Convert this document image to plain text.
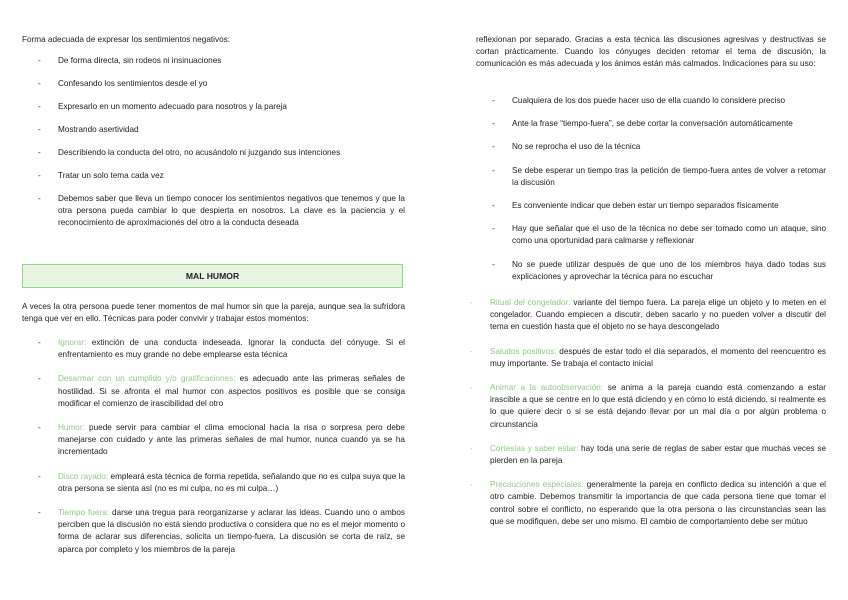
Forma adecuada de expresar los sentimientos negativos:

- De forma directa, sin rodeos ni insinuaciones
- Confesando los sentimientos desde el yo
- Expresarlo en un momento adecuado para nosotros y la pareja
- Mostrando asertividad
- Describiendo la conducta del otro, no acusándolo ni juzgando sus intenciones
- Tratar un solo tema cada vez
- Debemos saber que lleva un tiempo conocer los sentimientos negativos que tenemos y que la otra persona pueda cambiar lo que despierta en nosotros. La clave es la paciencia y el reconocimiento de aproximaciones del otro a la conducta deseada
MAL HUMOR

A veces la otra persona puede tener momentos de mal humor sin que la pareja, aunque sea la sufridora tenga que ver en ello. Técnicas para poder convivir y trabajar estos momentos:

- Ignorar: extinción de una conducta indeseada. Ignorar la conducta del cónyuge. Si el enfrentamiento es muy grande no debe emplearse esta técnica
- Desarmar con un cumplido y/o gratificaciones: es adecuado ante las primeras señales de hostilidad. Si se afronta el mal humor con aspectos positivos es posible que se consiga modificar el comienzo de irascibilidad del otro
- Humor: puede servir para cambiar el clima emocional hacia la risa o sorpresa pero debe manejarse con cuidado y ante las primeras señales de mal humor, nunca cuando ya se ha incrementado
- Disco rayado: empleará esta técnica de forma repetida, señalando que no es culpa suya que la otra persona se sienta así (no es mi culpa, no es mi culpa…)
- Tiempo fuera: darse una tregua para reorganizarse y aclarar las ideas. Cuando uno o ambos perciben que la discusión no está siendo productiva o considera que no es el mejor momento o forma de aclarar sus diferencias, solicita un tiempo-fuera. La discusión se corta de raíz, se aparca por completo y los miembros de la pareja

reflexionan por separado. Gracias a esta técnica las discusiones agresivas y destructivas se cortan prácticamente. Cuando los cónyuges deciden retomar el tema de discusión, la comunicación es más adecuada y los ánimos están más calmados. Indicaciones para su uso:

- Cualquiera de los dos puede hacer uso de ella cuando lo considere preciso
- Ante la frase “tiempo-fuera”, se debe cortar la conversación automáticamente
- No se reprocha el uso de la técnica
- Se debe esperar un tiempo tras la petición de tiempo-fuera antes de volver a retomar la discusión
- Es conveniente indicar que deben estar un tiempo separados físicamente
- Hay que señalar que el uso de la técnica no debe ser tomado como un ataque, sino como una oportunidad para calmarse y reflexionar
- No se puede utilizar después de que uno de los miembros haya dado todas sus explicaciones y aprovechar la técnica para no escuchar
- Ritual del congelador: variante del tiempo fuera. La pareja elige un objeto y lo meten en el congelador. Cuando empiecen a discutir, deben sacarlo y no pueden volver a discutir del tema en cuestión hasta que el objeto no se haya descongelado
- Saludos positivos: después de estar todo el día separados, el momento del reencuentro es muy importante. Se trabaja el contacto inicial
- Animar a la autoobservación: se anima a la pareja cuando está comenzando a estar irascible a que se centre en lo que está diciendo y en cómo lo está diciendo, si realmente es lo que quiere decir o si se está dejando llevar por un mal día o por algún problema o circunstancia
- Cortesías y saber estar: hay toda una serie de reglas de saber estar que muchas veces se pierden en la pareja
- Precauciones especiales: generalmente la pareja en conflicto dedica su intención a que el otro cambie. Debemos transmitir la importancia de que cada persona tiene que tomar el control sobre el conflicto, no esperando que la otra persona o las circunstancias sean las que se modifiquen, debe ser uno mismo. El cambio de comportamiento debe ser mútuo
